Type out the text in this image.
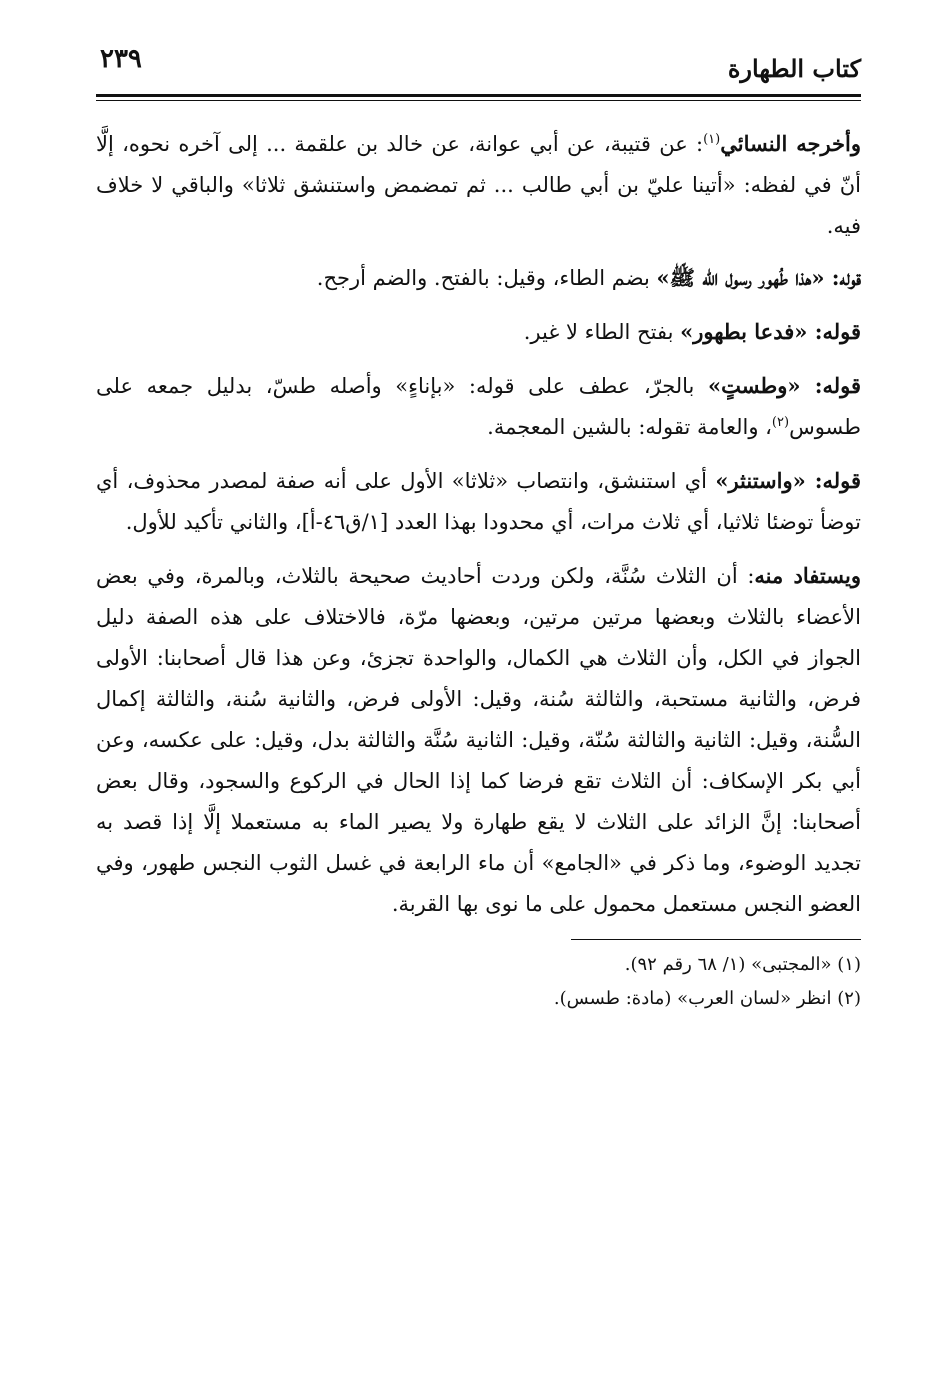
كتاب الطهارة
٢٣٩

وأخرجه النسائي$^{(١)}$: عن قتيبة، عن أبي عوانة، عن خالد بن علقمة ... إلى آخره نحوه، إلَّا أنّ في لفظه: «أتينا عليّ بن أبي طالب ... ثم تمضمض واستنشق ثلاثا» والباقي لا خلاف فيه.

قوله: «هذا طُهور رسول الله ﷺ» بضم الطاء، وقيل: بالفتح. والضم أرجح.

قوله: «فدعا بطهور» بفتح الطاء لا غير.

قوله: «وطستٍ» بالجرّ، عطف على قوله: «بإناءٍ» وأصله طسّ، بدليل جمعه على طسوس$^{(٢)}$، والعامة تقوله: بالشين المعجمة.

قوله: «واستنثر» أي استنشق، وانتصاب «ثلاثا» الأول على أنه صفة لمصدر محذوف، أي توضأ توضئا ثلاثيا، أي ثلاث مرات، أي محدودا بهذا العدد [١/ق٤٦-أ]، والثاني تأكيد للأول.

ويستفاد منه: أن الثلاث سُنَّة، ولكن وردت أحاديث صحيحة بالثلاث، وبالمرة، وفي بعض الأعضاء بالثلاث وبعضها مرتين مرتين، وبعضها مرّة، فالاختلاف على هذه الصفة دليل الجواز في الكل، وأن الثلاث هي الكمال، والواحدة تجزئ، وعن هذا قال أصحابنا: الأولى فرض، والثانية مستحبة، والثالثة سُنة، وقيل: الأولى فرض، والثانية سُنة، والثالثة إكمال السُّنة، وقيل: الثانية والثالثة سُنّة، وقيل: الثانية سُنَّة والثالثة بدل، وقيل: على عكسه، وعن أبي بكر الإسكاف: أن الثلاث تقع فرضا كما إذا الحال في الركوع والسجود، وقال بعض أصحابنا: إنَّ الزائد على الثلاث لا يقع طهارة ولا يصير الماء به مستعملا إلَّا إذا قصد به تجديد الوضوء، وما ذكر في «الجامع» أن ماء الرابعة في غسل الثوب النجس طهور، وفي العضو النجس مستعمل محمول على ما نوى بها القربة.

(١) «المجتبى» (١/ ٦٨ رقم ٩٢).
(٢) انظر «لسان العرب» (مادة: طسس).
